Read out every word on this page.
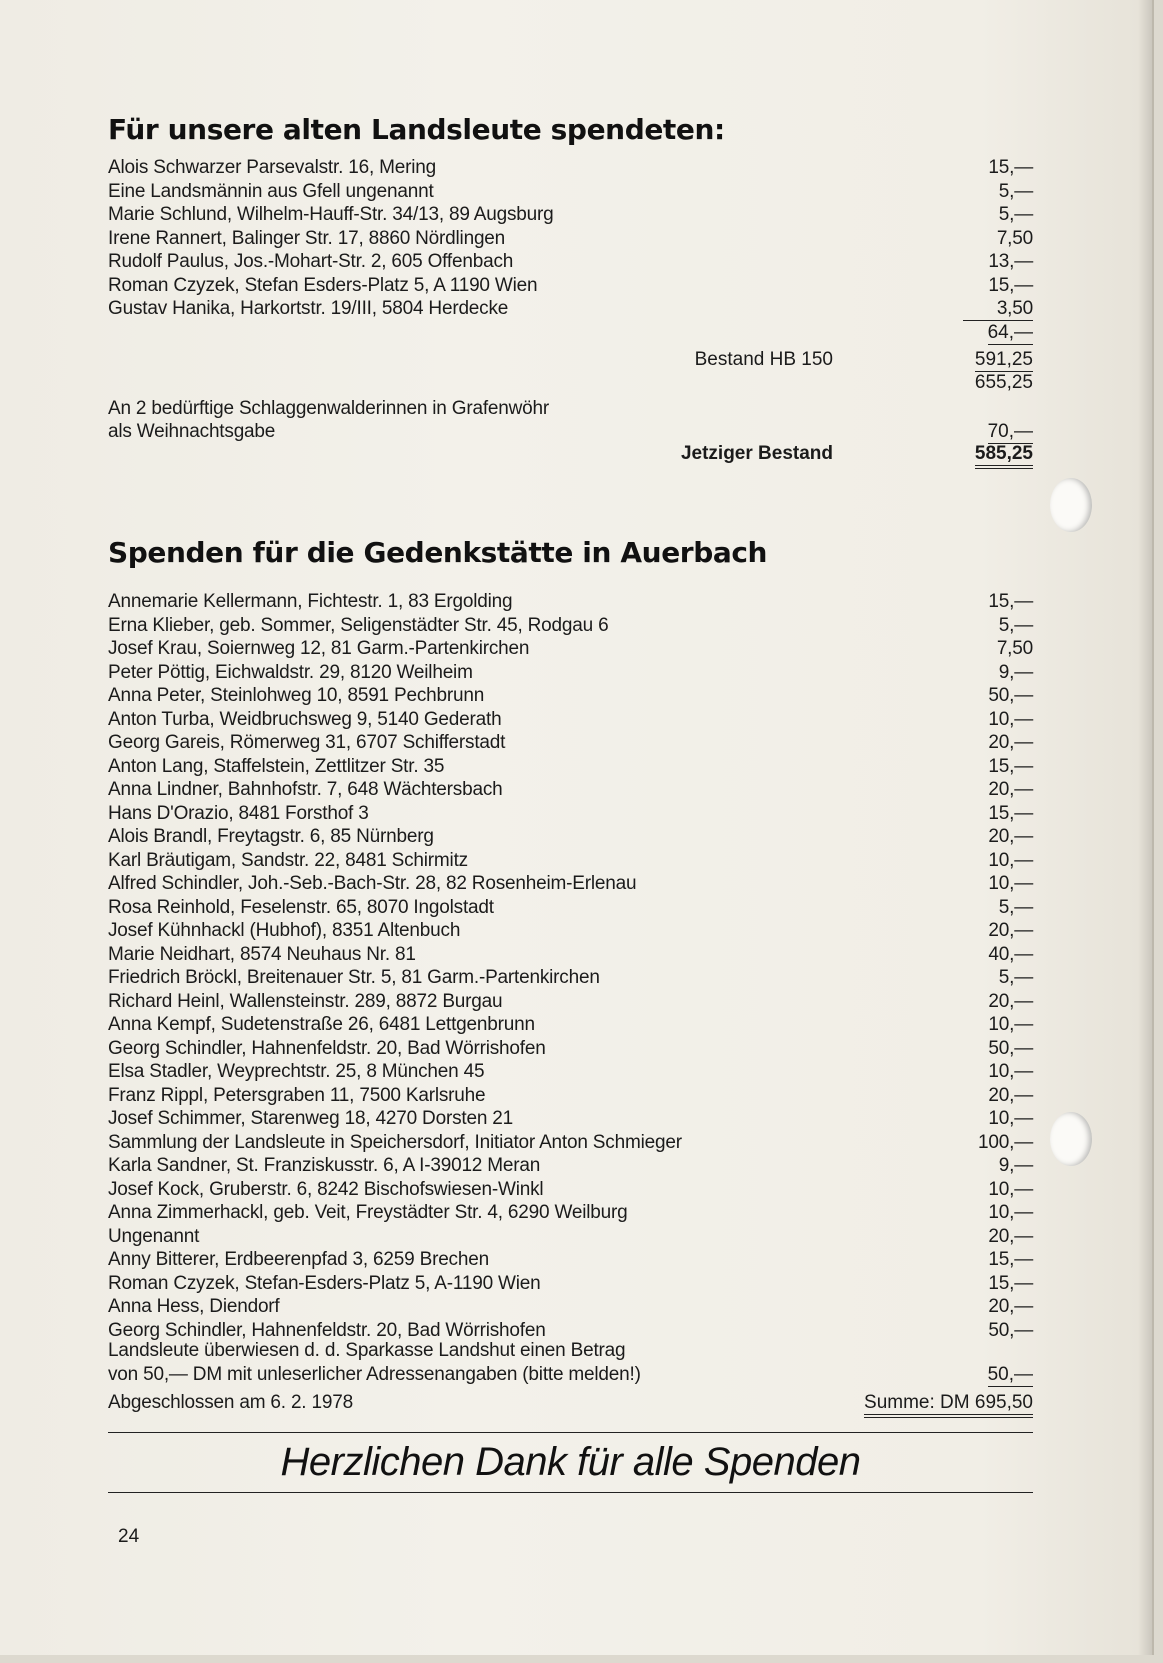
Für unsere alten Landsleute spendeten:
Alois Schwarzer Parsevalstr. 16, Mering	15,—
Eine Landsmännin aus Gfell ungenannt	5,—
Marie Schlund, Wilhelm-Hauff-Str. 34/13, 89 Augsburg	5,—
Irene Rannert, Balinger Str. 17, 8860 Nördlingen	7,50
Rudolf Paulus, Jos.-Mohart-Str. 2, 605 Offenbach	13,—
Roman Czyzek, Stefan Esders-Platz 5, A 1190 Wien	15,—
Gustav Hanika, Harkortstr. 19/III, 5804 Herdecke	3,50
64,—
Bestand HB 150	591,25
655,25
An 2 bedürftige Schlaggenwalderinnen in Grafenwöhr
als Weihnachtsgabe	70,—
Jetziger Bestand	585,25
Spenden für die Gedenkstätte in Auerbach
Annemarie Kellermann, Fichtestr. 1, 83 Ergolding	15,—
Erna Klieber, geb. Sommer, Seligenstädter Str. 45, Rodgau 6	5,—
Josef Krau, Soiernweg 12, 81 Garm.-Partenkirchen	7,50
Peter Pöttig, Eichwaldstr. 29, 8120 Weilheim	9,—
Anna Peter, Steinlohweg 10, 8591 Pechbrunn	50,—
Anton Turba, Weidbruchsweg 9, 5140 Gederath	10,—
Georg Gareis, Römerweg 31, 6707 Schifferstadt	20,—
Anton Lang, Staffelstein, Zettlitzer Str. 35	15,—
Anna Lindner, Bahnhofstr. 7, 648 Wächtersbach	20,—
Hans D'Orazio, 8481 Forsthof 3	15,—
Alois Brandl, Freytagstr. 6, 85 Nürnberg	20,—
Karl Bräutigam, Sandstr. 22, 8481 Schirmitz	10,—
Alfred Schindler, Joh.-Seb.-Bach-Str. 28, 82 Rosenheim-Erlenau	10,—
Rosa Reinhold, Feselenstr. 65, 8070 Ingolstadt	5,—
Josef Kühnhackl (Hubhof), 8351 Altenbuch	20,—
Marie Neidhart, 8574 Neuhaus Nr. 81	40,—
Friedrich Bröckl, Breitenauer Str. 5, 81 Garm.-Partenkirchen	5,—
Richard Heinl, Wallensteinstr. 289, 8872 Burgau	20,—
Anna Kempf, Sudetenstraße 26, 6481 Lettgenbrunn	10,—
Georg Schindler, Hahnenfeldstr. 20, Bad Wörrishofen	50,—
Elsa Stadler, Weyprechtstr. 25, 8 München 45	10,—
Franz Rippl, Petersgraben 11, 7500 Karlsruhe	20,—
Josef Schimmer, Starenweg 18, 4270 Dorsten 21	10,—
Sammlung der Landsleute in Speichersdorf, Initiator Anton Schmieger	100,—
Karla Sandner, St. Franziskusstr. 6, A I-39012 Meran	9,—
Josef Kock, Gruberstr. 6, 8242 Bischofswiesen-Winkl	10,—
Anna Zimmerhackl, geb. Veit, Freystädter Str. 4, 6290 Weilburg	10,—
Ungenannt	20,—
Anny Bitterer, Erdbeerenpfad 3, 6259 Brechen	15,—
Roman Czyzek, Stefan-Esders-Platz 5, A-1190 Wien	15,—
Anna Hess, Diendorf	20,—
Georg Schindler, Hahnenfeldstr. 20, Bad Wörrishofen	50,—
Landsleute überwiesen d. d. Sparkasse Landshut einen Betrag
von 50,— DM mit unleserlicher Adressenangaben (bitte melden!)	50,—
Abgeschlossen am 6. 2. 1978	Summe: DM 695,50
Herzlichen Dank für alle Spenden
24
